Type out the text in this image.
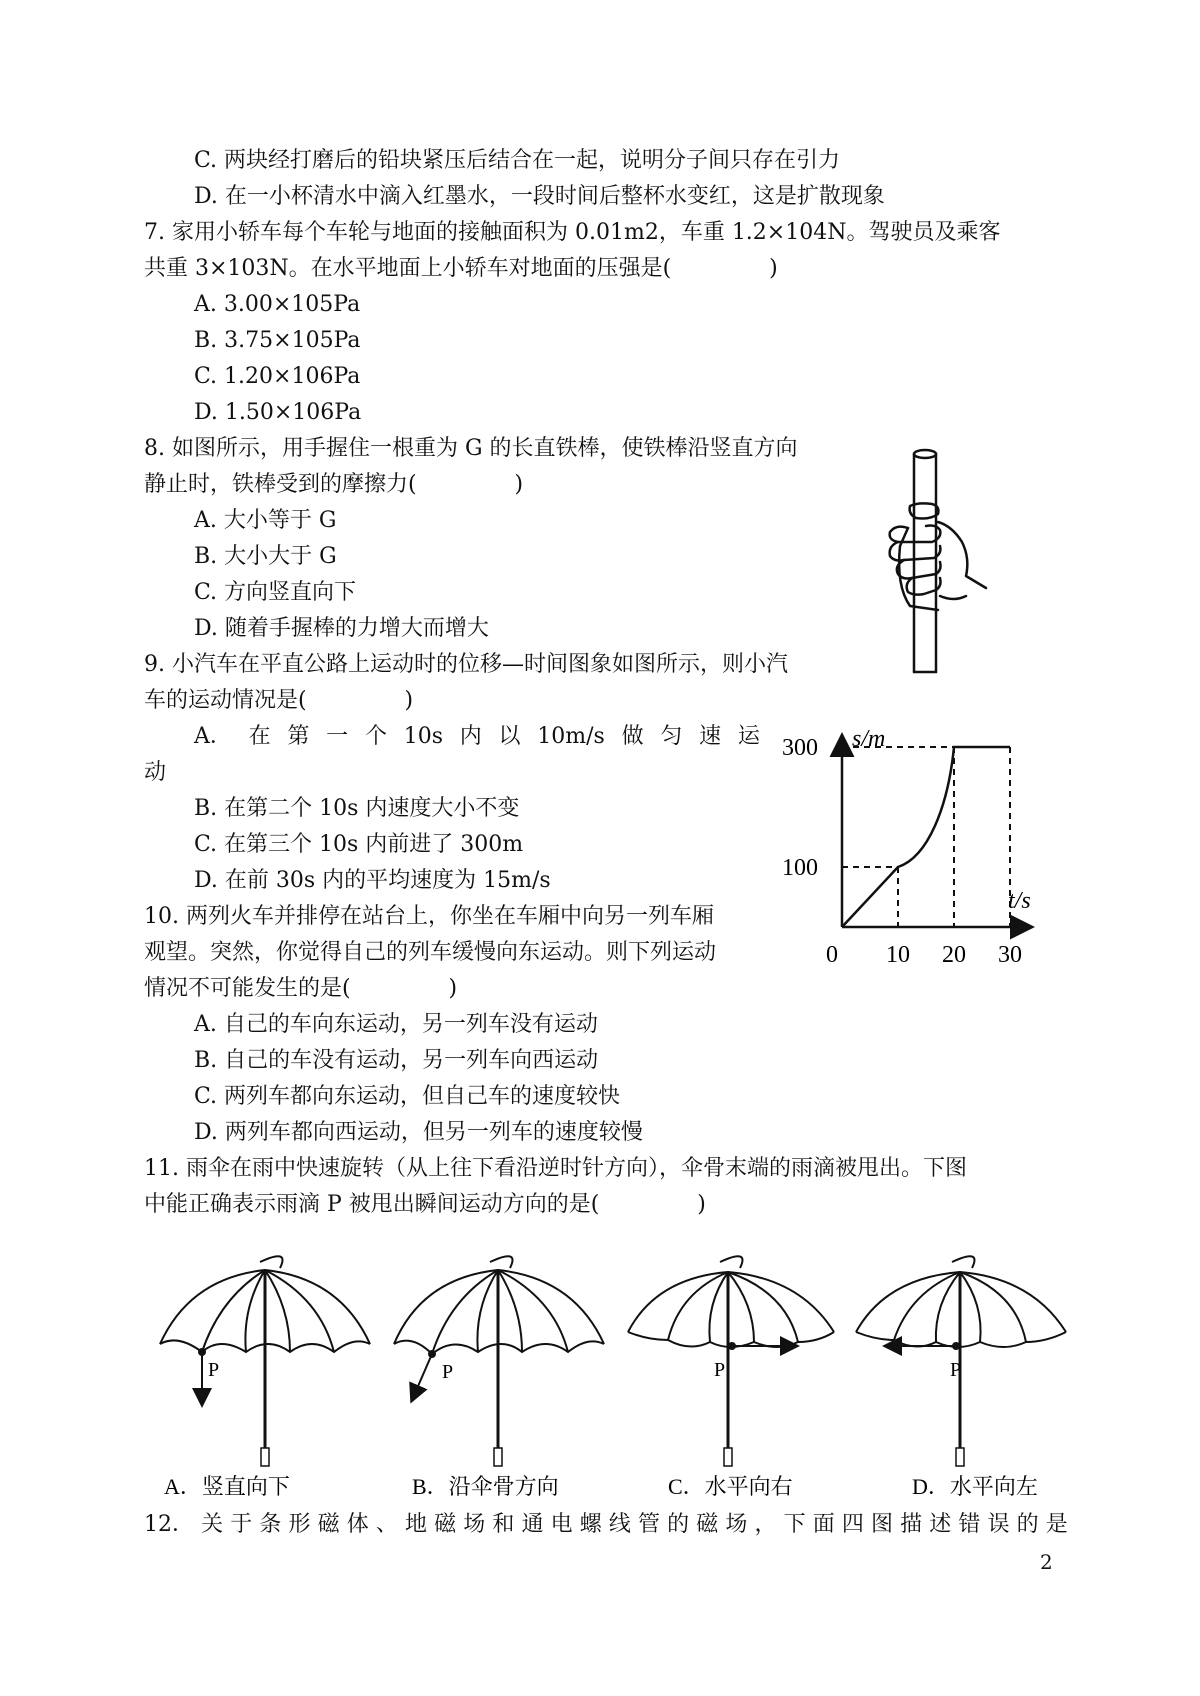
C. 两块经打磨后的铅块紧压后结合在一起，说明分子间只存在引力
D. 在一小杯清水中滴入红墨水，一段时间后整杯水变红，这是扩散现象
7. 家用小轿车每个车轮与地面的接触面积为 0.01m2，车重 1.2×104N。驾驶员及乘客
共重 3×103N。在水平地面上小轿车对地面的压强是(              )
A. 3.00×105Pa
B. 3.75×105Pa
C. 1.20×106Pa
D. 1.50×106Pa
8. 如图所示，用手握住一根重为 G 的长直铁棒，使铁棒沿竖直方向
静止时，铁棒受到的摩擦力(              )
A. 大小等于 G
B. 大小大于 G
C. 方向竖直向下
D. 随着手握棒的力增大而增大
9. 小汽车在平直公路上运动时的位移—时间图象如图所示，则小汽
车的运动情况是(              )
A． 在 第 一 个 10s 内 以 10m/s 做 匀 速 运
动
B. 在第二个 10s 内速度大小不变
C. 在第三个 10s 内前进了 300m
D. 在前 30s 内的平均速度为 15m/s
s/m
t/s
0 10 20 30
100
300
10. 两列火车并排停在站台上，你坐在车厢中向另一列车厢
观望。突然，你觉得自己的列车缓慢向东运动。则下列运动
情况不可能发生的是(              )
A. 自己的车向东运动，另一列车没有运动
B. 自己的车没有运动，另一列车向西运动
C. 两列车都向东运动，但自己车的速度较快
D. 两列车都向西运动，但另一列车的速度较慢
11. 雨伞在雨中快速旋转（从上往下看沿逆时针方向），伞骨末端的雨滴被甩出。下图
中能正确表示雨滴 P 被甩出瞬间运动方向的是(              )
P
A．竖直向下
P
B．沿伞骨方向
P
C．水平向右
P
D．水平向左
12． 关 于 条 形 磁 体 、 地 磁 场 和 通 电 螺 线 管 的 磁 场 ， 下 面 四 图 描 述 错 误 的 是
2
